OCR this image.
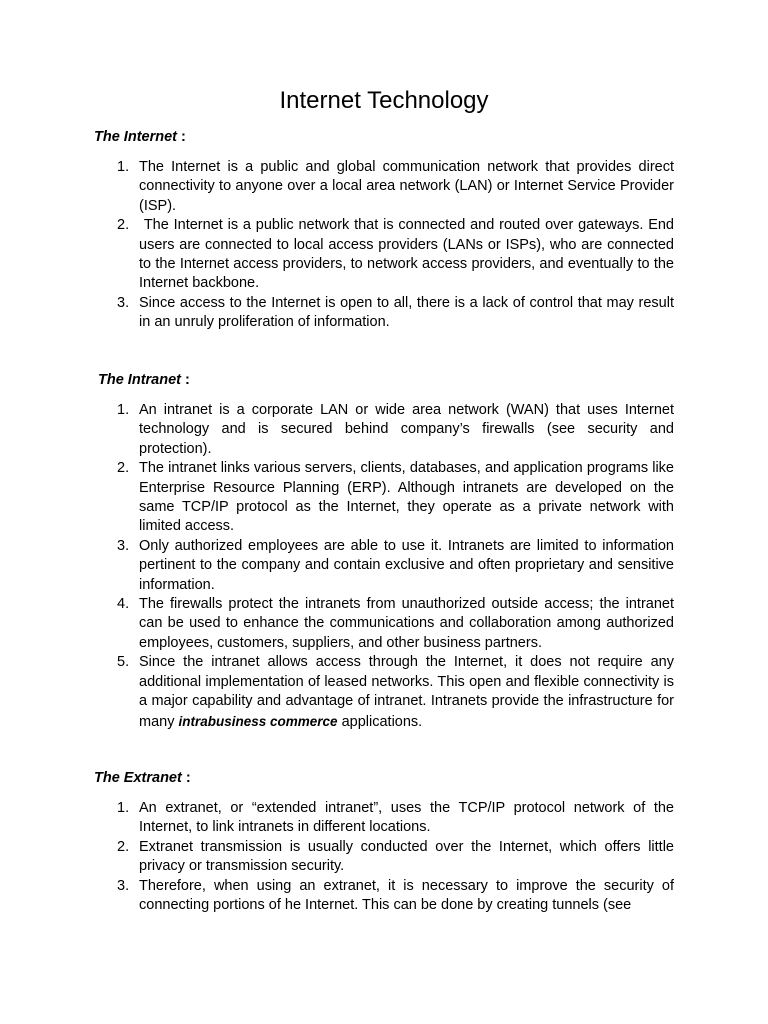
Internet Technology
The Internet :
1. The Internet is a public and global communication network that provides direct connectivity to anyone over a local area network (LAN) or Internet Service Provider (ISP).
2. The Internet is a public network that is connected and routed over gateways. End users are connected to local access providers (LANs or ISPs), who are connected to the Internet access providers, to network access providers, and eventually to the Internet backbone.
3. Since access to the Internet is open to all, there is a lack of control that may result in an unruly proliferation of information.
The Intranet :
1. An intranet is a corporate LAN or wide area network (WAN) that uses Internet technology and is secured behind company’s firewalls (see security and protection).
2. The intranet links various servers, clients, databases, and application programs like Enterprise Resource Planning (ERP). Although intranets are developed on the same TCP/IP protocol as the Internet, they operate as a private network with limited access.
3. Only authorized employees are able to use it. Intranets are limited to information pertinent to the company and contain exclusive and often proprietary and sensitive information.
4. The firewalls protect the intranets from unauthorized outside access; the intranet can be used to enhance the communications and collaboration among authorized employees, customers, suppliers, and other business partners.
5. Since the intranet allows access through the Internet, it does not require any additional implementation of leased networks. This open and flexible connectivity is a major capability and advantage of intranet. Intranets provide the infrastructure for many intrabusiness commerce applications.
The Extranet :
1. An extranet, or “extended intranet”, uses the TCP/IP protocol network of the Internet, to link intranets in different locations.
2. Extranet transmission is usually conducted over the Internet, which offers little privacy or transmission security.
3. Therefore, when using an extranet, it is necessary to improve the security of connecting portions of he Internet. This can be done by creating tunnels (see
